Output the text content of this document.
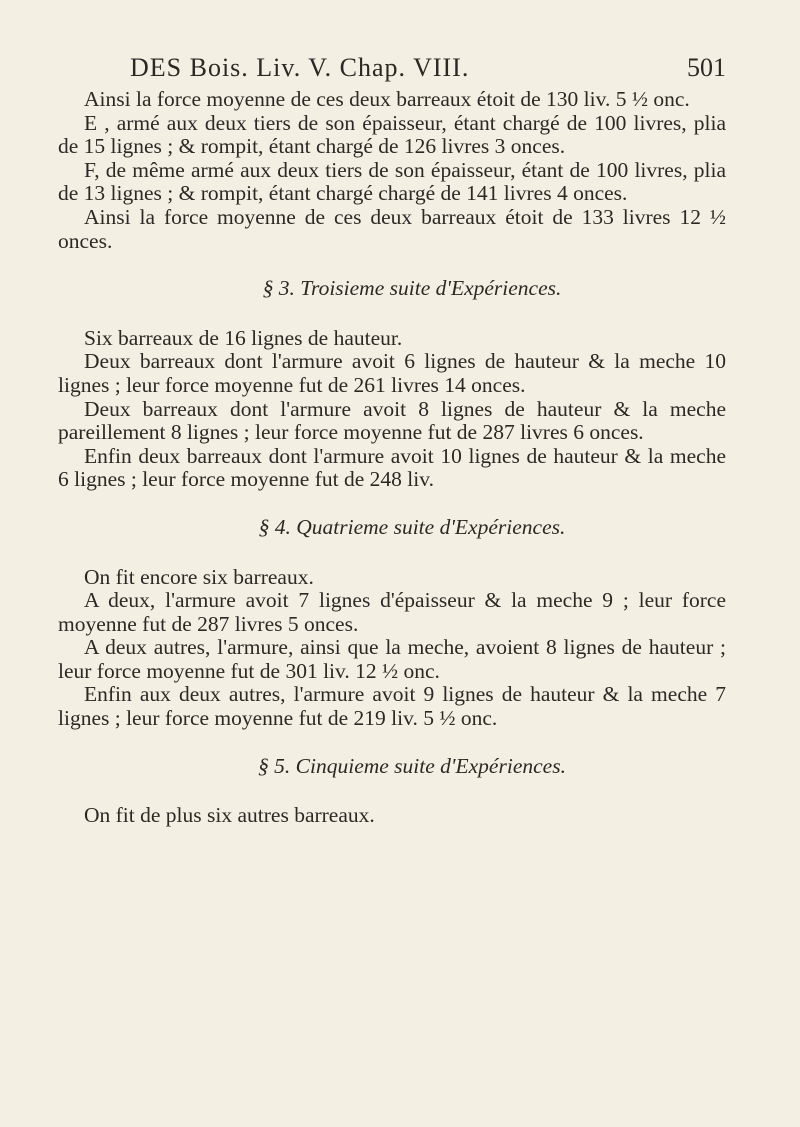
DES Bois. Liv. V. Chap. VIII.	501

Ainsi la force moyenne de ces deux barreaux étoit de 130 liv. 5 ½ onc.

E , armé aux deux tiers de son épaisseur, étant chargé de 100 livres, plia de 15 lignes ; & rompit, étant chargé de 126 livres 3 onces.

F, de même armé aux deux tiers de son épaisseur, étant de 100 livres, plia de 13 lignes ; & rompit, étant chargé chargé de 141 livres 4 onces.

Ainsi la force moyenne de ces deux barreaux étoit de 133 livres 12 ½ onces.

§ 3. Troisieme suite d'Expériences.

Six barreaux de 16 lignes de hauteur.

Deux barreaux dont l'armure avoit 6 lignes de hauteur & la meche 10 lignes ; leur force moyenne fut de 261 livres 14 onces.

Deux barreaux dont l'armure avoit 8 lignes de hauteur & la meche pareillement 8 lignes ; leur force moyenne fut de 287 livres 6 onces.

Enfin deux barreaux dont l'armure avoit 10 lignes de hauteur & la meche 6 lignes ; leur force moyenne fut de 248 liv.

§ 4. Quatrieme suite d'Expériences.

On fit encore six barreaux.

A deux, l'armure avoit 7 lignes d'épaisseur & la meche 9 ; leur force moyenne fut de 287 livres 5 onces.

A deux autres, l'armure, ainsi que la meche, avoient 8 lignes de hauteur ; leur force moyenne fut de 301 liv. 12 ½ onc.

Enfin aux deux autres, l'armure avoit 9 lignes de hauteur & la meche 7 lignes ; leur force moyenne fut de 219 liv. 5 ½ onc.

§ 5. Cinquieme suite d'Expériences.

On fit de plus six autres barreaux.
